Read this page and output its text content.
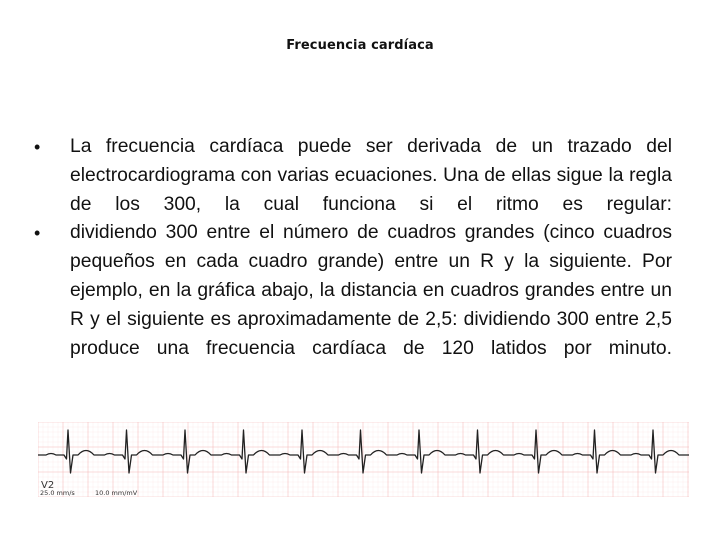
Frecuencia cardíaca
•	La frecuencia cardíaca puede ser derivada de un trazado del electrocardiograma con varias ecuaciones. Una de ellas sigue la regla de los 300, la cual funciona si el ritmo es regular:
•	dividiendo 300 entre el número de cuadros grandes (cinco cuadros pequeños en cada cuadro grande) entre un R y la siguiente. Por ejemplo, en la gráfica abajo, la distancia en cuadros grandes entre un R y el siguiente es aproximadamente de 2,5: dividiendo 300 entre 2,5 produce una frecuencia cardíaca de 120 latidos por minuto.
V2
25.0 mm/s	10.0 mm/mV
